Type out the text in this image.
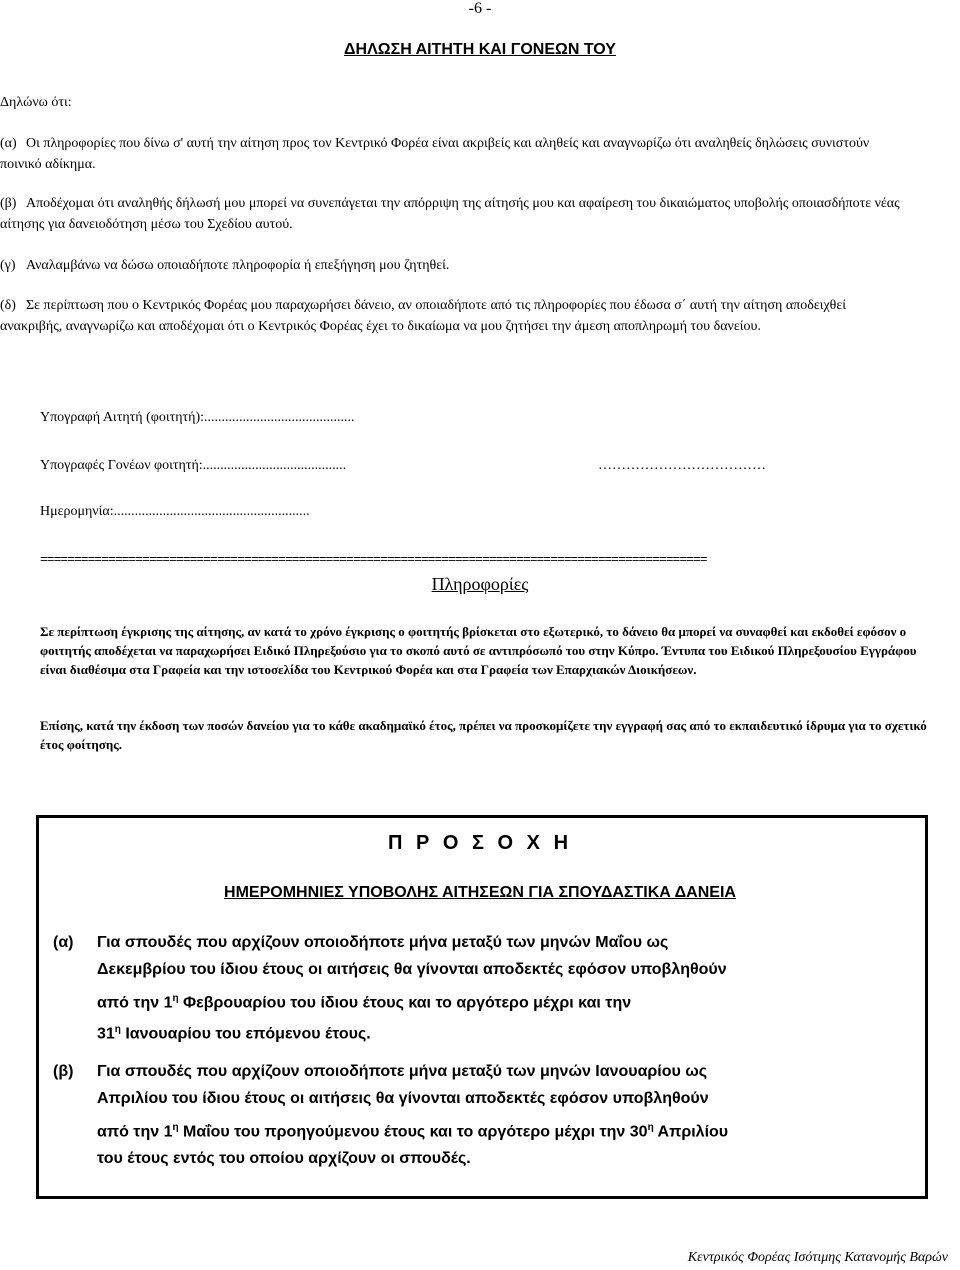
-6 -
ΔΗΛΩΣΗ ΑΙΤΗΤΗ ΚΑΙ ΓΟΝΕΩΝ ΤΟΥ
Δηλώνω ότι:
(α) Οι πληροφορίες που δίνω σ' αυτή την αίτηση προς τον Κεντρικό Φορέα είναι ακριβείς και αληθείς και αναγνωρίζω ότι αναληθείς δηλώσεις συνιστούν ποινικό αδίκημα.
(β) Αποδέχομαι ότι αναληθής δήλωσή μου μπορεί να συνεπάγεται την απόρριψη της αίτησής μου και αφαίρεση του δικαιώματος υποβολής οποιασδήποτε νέας αίτησης για δανειοδότηση μέσω του Σχεδίου αυτού.
(γ) Αναλαμβάνω να δώσω οποιαδήποτε πληροφορία ή επεξήγηση μου ζητηθεί.
(δ) Σε περίπτωση που ο Κεντρικός Φορέας μου παραχωρήσει δάνειο, αν οποιαδήποτε από τις πληροφορίες που έδωσα σ΄ αυτή την αίτηση αποδειχθεί ανακριβής, αναγνωρίζω και αποδέχομαι ότι ο Κεντρικός Φορέας έχει το δικαίωμα να μου ζητήσει την άμεση αποπληρωμή του δανείου.
Υπογραφή Αιτητή (φοιτητή):...........................................
Υπογραφές Γονέων φοιτητή:.........................................	………………………………
Ημερομηνία:........................................................
==================================================================================================
Πληροφορίες
Σε περίπτωση έγκρισης της αίτησης, αν κατά το χρόνο έγκρισης ο φοιτητής βρίσκεται στο εξωτερικό, το δάνειο θα μπορεί να συναφθεί και εκδοθεί εφόσον ο φοιτητής αποδέχεται να παραχωρήσει Ειδικό Πληρεξούσιο για το σκοπό αυτό σε αντιπρόσωπό του στην Κύπρο. Έντυπα του Ειδικού Πληρεξουσίου Εγγράφου είναι διαθέσιμα στα Γραφεία και την ιστοσελίδα του Κεντρικού Φορέα και στα Γραφεία των Επαρχιακών Διοικήσεων.
Επίσης, κατά την έκδοση των ποσών δανείου για το κάθε ακαδημαϊκό έτος, πρέπει να προσκομίζετε την εγγραφή σας από το εκπαιδευτικό ίδρυμα για το σχετικό έτος φοίτησης.
Π Ρ Ο Σ Ο Χ Η
ΗΜΕΡΟΜΗΝΙΕΣ ΥΠΟΒΟΛΗΣ ΑΙΤΗΣΕΩΝ ΓΙΑ ΣΠΟΥΔΑΣΤΙΚΑ ΔΑΝΕΙΑ
(α) Για σπουδές που αρχίζουν οποιοδήποτε μήνα μεταξύ των μηνών Μαΐου ως
Δεκεμβρίου του ίδιου έτους οι αιτήσεις θα γίνονται αποδεκτές εφόσον υποβληθούν
από την $1^\eta$ Φεβρουαρίου του ίδιου έτους και το αργότερο μέχρι και την
$31^\eta$ Ιανουαρίου του επόμενου έτους.
(β) Για σπουδές που αρχίζουν οποιοδήποτε μήνα μεταξύ των μηνών Ιανουαρίου ως
Απριλίου του ίδιου έτους οι αιτήσεις θα γίνονται αποδεκτές εφόσον υποβληθούν
από την $1^\eta$ Μαΐου του προηγούμενου έτους και το αργότερο μέχρι την $30^\eta$ Απριλίου
του έτους εντός του οποίου αρχίζουν οι σπουδές.
Κεντρικός Φορέας Ισότιμης Κατανομής Βαρών
